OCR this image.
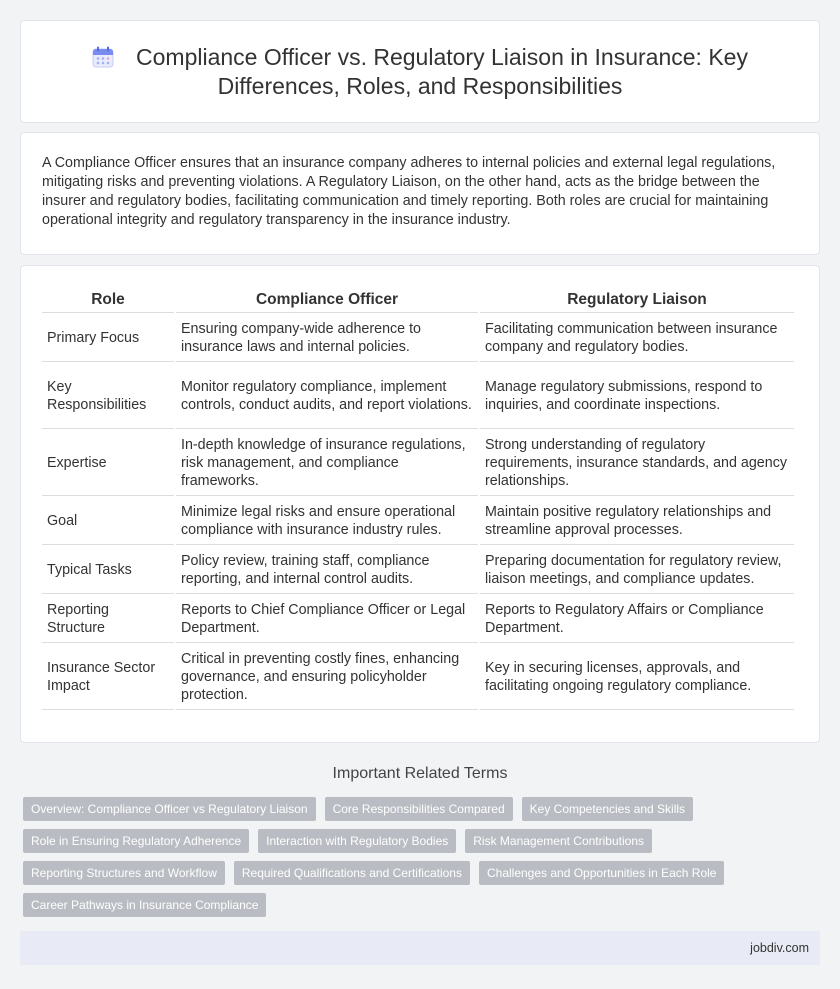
Compliance Officer vs. Regulatory Liaison in Insurance: Key Differences, Roles, and Responsibilities

A Compliance Officer ensures that an insurance company adheres to internal policies and external legal regulations, mitigating risks and preventing violations. A Regulatory Liaison, on the other hand, acts as the bridge between the insurer and regulatory bodies, facilitating communication and timely reporting. Both roles are crucial for maintaining operational integrity and regulatory transparency in the insurance industry.

Role	Compliance Officer	Regulatory Liaison
Primary Focus	Ensuring company-wide adherence to insurance laws and internal policies.	Facilitating communication between insurance company and regulatory bodies.
Key Responsibilities	Monitor regulatory compliance, implement controls, conduct audits, and report violations.	Manage regulatory submissions, respond to inquiries, and coordinate inspections.
Expertise	In-depth knowledge of insurance regulations, risk management, and compliance frameworks.	Strong understanding of regulatory requirements, insurance standards, and agency relationships.
Goal	Minimize legal risks and ensure operational compliance with insurance industry rules.	Maintain positive regulatory relationships and streamline approval processes.
Typical Tasks	Policy review, training staff, compliance reporting, and internal control audits.	Preparing documentation for regulatory review, liaison meetings, and compliance updates.
Reporting Structure	Reports to Chief Compliance Officer or Legal Department.	Reports to Regulatory Affairs or Compliance Department.
Insurance Sector Impact	Critical in preventing costly fines, enhancing governance, and ensuring policyholder protection.	Key in securing licenses, approvals, and facilitating ongoing regulatory compliance.
Important Related Terms
Overview: Compliance Officer vs Regulatory Liaison	Core Responsibilities Compared	Key Competencies and Skills
Role in Ensuring Regulatory Adherence	Interaction with Regulatory Bodies	Risk Management Contributions
Reporting Structures and Workflow	Required Qualifications and Certifications	Challenges and Opportunities in Each Role
Career Pathways in Insurance Compliance
jobdiv.com
